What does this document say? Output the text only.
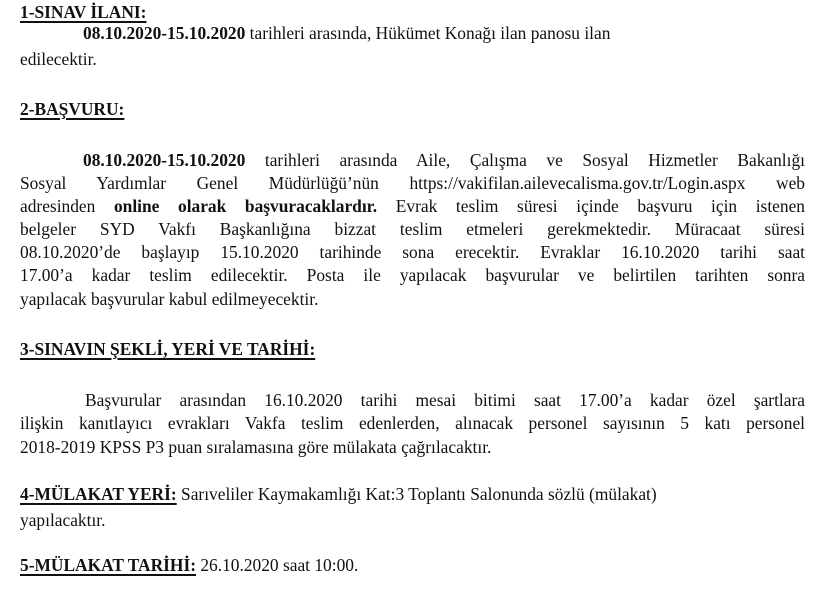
1-SINAV İLANI:
08.10.2020-15.10.2020 tarihleri arasında, Hükümet Konağı ilan panosu ilan
edilecektir.
2-BAŞVURU:
08.10.2020-15.10.2020 tarihleri arasında Aile, Çalışma ve Sosyal Hizmetler Bakanlığı
Sosyal Yardımlar Genel Müdürlüğü’nün https://vakifilan.ailevecalisma.gov.tr/Login.aspx web
adresinden online olarak başvuracaklardır. Evrak teslim süresi içinde başvuru için istenen
belgeler SYD Vakfı Başkanlığına bizzat teslim etmeleri gerekmektedir. Müracaat süresi
08.10.2020’de başlayıp 15.10.2020 tarihinde sona erecektir. Evraklar 16.10.2020 tarihi saat
17.00’a kadar teslim edilecektir. Posta ile yapılacak başvurular ve belirtilen tarihten sonra
yapılacak başvurular kabul edilmeyecektir.
3-SINAVIN ŞEKLİ, YERİ VE TARİHİ:
Başvurular arasından 16.10.2020 tarihi mesai bitimi saat 17.00’a kadar özel şartlara
ilişkin kanıtlayıcı evrakları Vakfa teslim edenlerden, alınacak personel sayısının 5 katı personel
2018-2019 KPSS P3 puan sıralamasına göre mülakata çağrılacaktır.
4-MÜLAKAT YERİ: Sarıveliler Kaymakamlığı Kat:3 Toplantı Salonunda sözlü (mülakat)
yapılacaktır.
5-MÜLAKAT TARİHİ: 26.10.2020 saat 10:00.
